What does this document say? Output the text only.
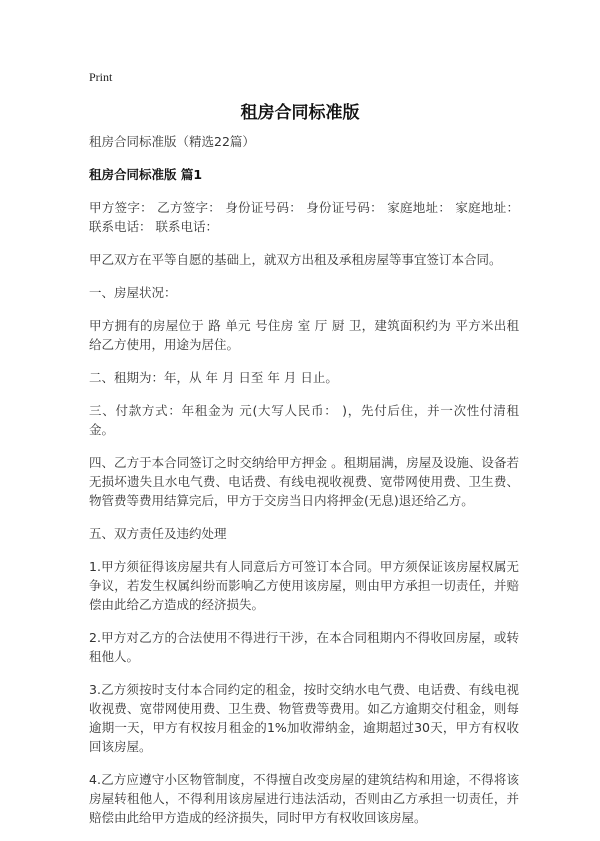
Print
租房合同标准版

租房合同标准版（精选22篇）

租房合同标准版 篇1

甲方签字： 乙方签字： 身份证号码： 身份证号码： 家庭地址： 家庭地址： 联系电话： 联系电话：

甲乙双方在平等自愿的基础上，就双方出租及承租房屋等事宜签订本合同。

一、房屋状况：

甲方拥有的房屋位于 路 单元 号住房 室 厅 厨 卫，建筑面积约为 平方米出租给乙方使用，用途为居住。

二、租期为：年，从 年 月 日至 年 月 日止。

三、付款方式：年租金为 元(大写人民币： )，先付后住，并一次性付清租金。

四、乙方于本合同签订之时交纳给甲方押金 。租期届满，房屋及设施、设备若无损坏遗失且水电气费、电话费、有线电视收视费、宽带网使用费、卫生费、物管费等费用结算完后，甲方于交房当日内将押金(无息)退还给乙方。

五、双方责任及违约处理

1.甲方须征得该房屋共有人同意后方可签订本合同。甲方须保证该房屋权属无争议，若发生权属纠纷而影响乙方使用该房屋，则由甲方承担一切责任，并赔偿由此给乙方造成的经济损失。

2.甲方对乙方的合法使用不得进行干涉，在本合同租期内不得收回房屋，或转租他人。

3.乙方须按时支付本合同约定的租金，按时交纳水电气费、电话费、有线电视收视费、宽带网使用费、卫生费、物管费等费用。如乙方逾期交付租金，则每逾期一天，甲方有权按月租金的1%加收滞纳金，逾期超过30天，甲方有权收回该房屋。

4.乙方应遵守小区物管制度，不得擅自改变房屋的建筑结构和用途，不得将该房屋转租他人，不得利用该房屋进行违法活动，否则由乙方承担一切责任，并赔偿由此给甲方造成的经济损失，同时甲方有权收回该房屋。
